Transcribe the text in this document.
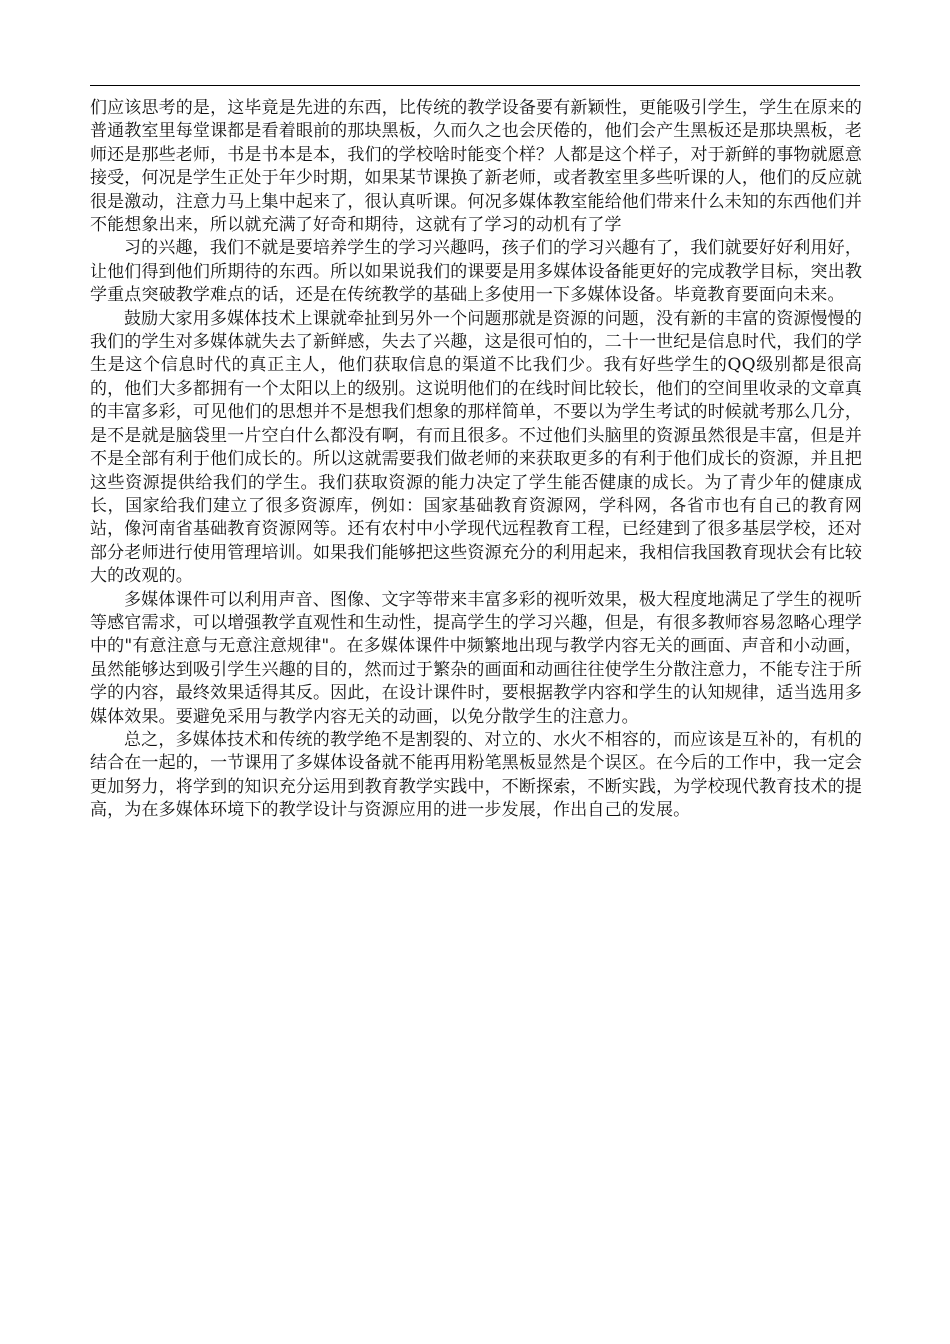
们应该思考的是，这毕竟是先进的东西，比传统的教学设备要有新颖性，更能吸引学生，学生在原来的普通教室里每堂课都是看着眼前的那块黑板，久而久之也会厌倦的，他们会产生黑板还是那块黑板，老师还是那些老师，书是书本是本，我们的学校啥时能变个样？人都是这个样子，对于新鲜的事物就愿意接受，何况是学生正处于年少时期，如果某节课换了新老师，或者教室里多些听课的人，他们的反应就很是激动，注意力马上集中起来了，很认真听课。何况多媒体教室能给他们带来什么未知的东西他们并不能想象出来，所以就充满了好奇和期待，这就有了学习的动机有了学

习的兴趣，我们不就是要培养学生的学习兴趣吗，孩子们的学习兴趣有了，我们就要好好利用好，让他们得到他们所期待的东西。所以如果说我们的课要是用多媒体设备能更好的完成教学目标，突出教学重点突破教学难点的话，还是在传统教学的基础上多使用一下多媒体设备。毕竟教育要面向未来。

鼓励大家用多媒体技术上课就牵扯到另外一个问题那就是资源的问题，没有新的丰富的资源慢慢的我们的学生对多媒体就失去了新鲜感，失去了兴趣，这是很可怕的，二十一世纪是信息时代，我们的学生是这个信息时代的真正主人，他们获取信息的渠道不比我们少。我有好些学生的QQ级别都是很高的，他们大多都拥有一个太阳以上的级别。这说明他们的在线时间比较长，他们的空间里收录的文章真的丰富多彩，可见他们的思想并不是想我们想象的那样简单，不要以为学生考试的时候就考那么几分，是不是就是脑袋里一片空白什么都没有啊，有而且很多。不过他们头脑里的资源虽然很是丰富，但是并不是全部有利于他们成长的。所以这就需要我们做老师的来获取更多的有利于他们成长的资源，并且把这些资源提供给我们的学生。我们获取资源的能力决定了学生能否健康的成长。为了青少年的健康成长，国家给我们建立了很多资源库，例如：国家基础教育资源网，学科网，各省市也有自己的教育网站，像河南省基础教育资源网等。还有农村中小学现代远程教育工程，已经建到了很多基层学校，还对部分老师进行使用管理培训。如果我们能够把这些资源充分的利用起来，我相信我国教育现状会有比较大的改观的。

多媒体课件可以利用声音、图像、文字等带来丰富多彩的视听效果，极大程度地满足了学生的视听等感官需求，可以增强教学直观性和生动性，提高学生的学习兴趣，但是，有很多教师容易忽略心理学中的"有意注意与无意注意规律"。在多媒体课件中频繁地出现与教学内容无关的画面、声音和小动画，虽然能够达到吸引学生兴趣的目的，然而过于繁杂的画面和动画往往使学生分散注意力，不能专注于所学的内容，最终效果适得其反。因此，在设计课件时，要根据教学内容和学生的认知规律，适当选用多媒体效果。要避免采用与教学内容无关的动画，以免分散学生的注意力。

总之，多媒体技术和传统的教学绝不是割裂的、对立的、水火不相容的，而应该是互补的，有机的结合在一起的，一节课用了多媒体设备就不能再用粉笔黑板显然是个误区。在今后的工作中，我一定会更加努力，将学到的知识充分运用到教育教学实践中，不断探索，不断实践，为学校现代教育技术的提高，为在多媒体环境下的教学设计与资源应用的进一步发展，作出自己的发展。
